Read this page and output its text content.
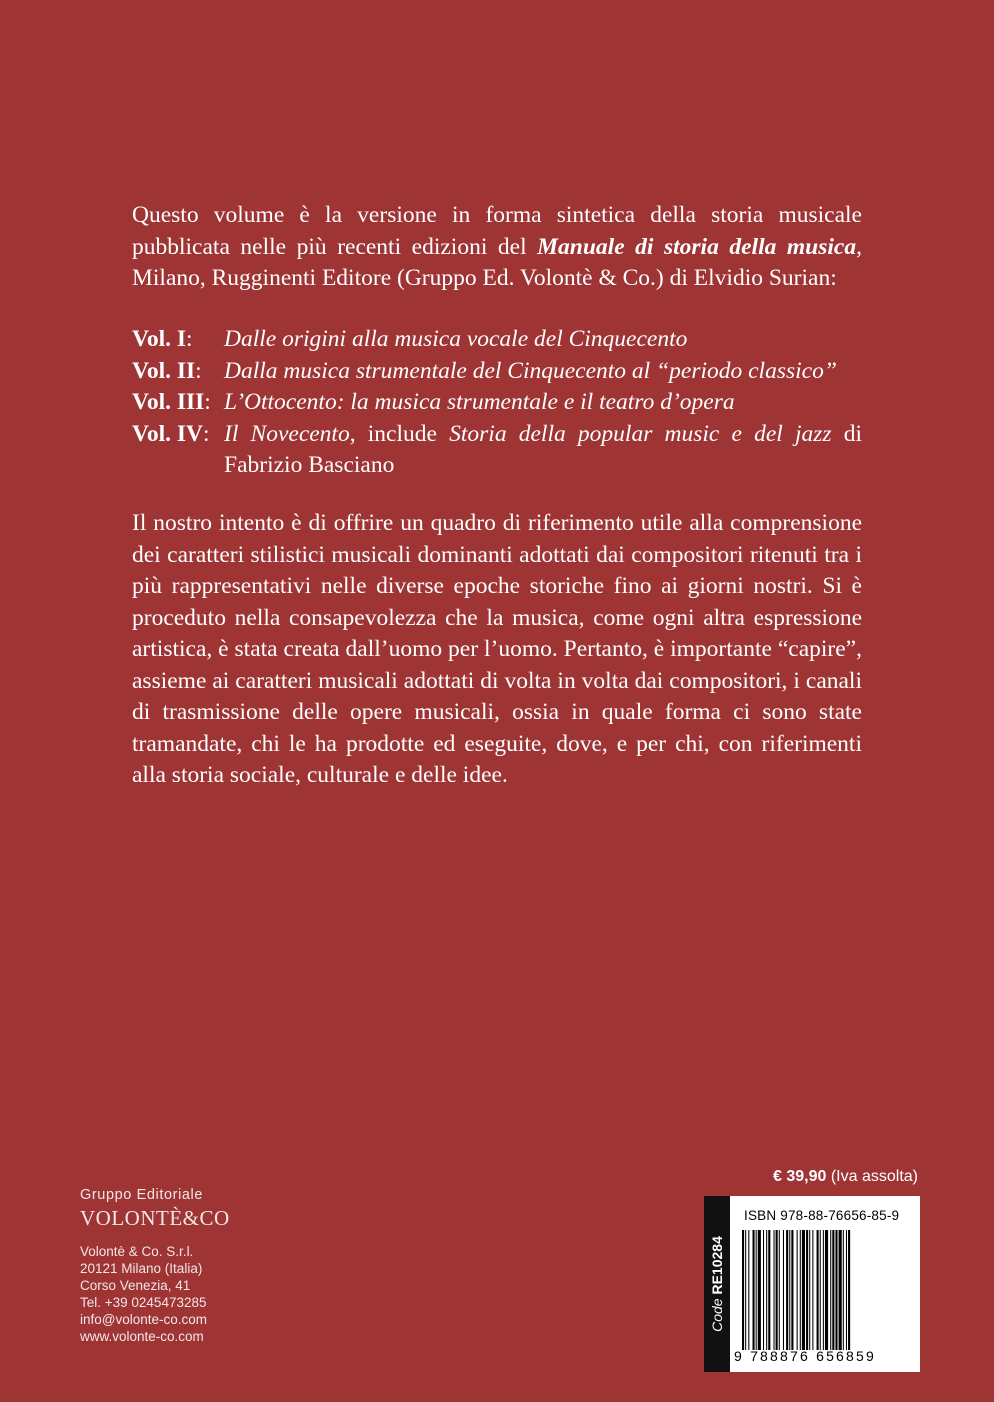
Questo volume è la versione in forma sintetica della storia musicale pubblicata nelle più recenti edizioni del Manuale di storia della musica, Milano, Rugginenti Editore (Gruppo Ed. Volontè & Co.) di Elvidio Surian:

Vol. I:	Dalle origini alla musica vocale del Cinquecento
Vol. II: Dalla musica strumentale del Cinquecento al “periodo classico”
Vol. III: L’Ottocento: la musica strumentale e il teatro d’opera
Vol. IV: Il Novecento, include Storia della popular music e del jazz di Fabrizio Basciano

Il nostro intento è di offrire un quadro di riferimento utile alla comprensione dei caratteri stilistici musicali dominanti adottati dai compositori ritenuti tra i più rappresentativi nelle diverse epoche storiche fino ai giorni nostri. Si è proceduto nella consapevolezza che la musica, come ogni altra espressione artistica, è stata creata dall’uomo per l’uomo. Pertanto, è importante “capire”, assieme ai caratteri musicali adottati di volta in volta dai compositori, i canali di trasmissione delle opere musicali, ossia in quale forma ci sono state tramandate, chi le ha prodotte ed eseguite, dove, e per chi, con riferimenti alla storia sociale, culturale e delle idee.

Gruppo Editoriale
VOLONTÈ&CO
Volontè & Co. S.r.l.
20121 Milano (Italia)
Corso Venezia, 41
Tel. +39 0245473285
info@volonte-co.com
www.volonte-co.com
€ 39,90 (Iva assolta)
Code RE10284
ISBN 978-88-76656-85-9
9 788876 656859
